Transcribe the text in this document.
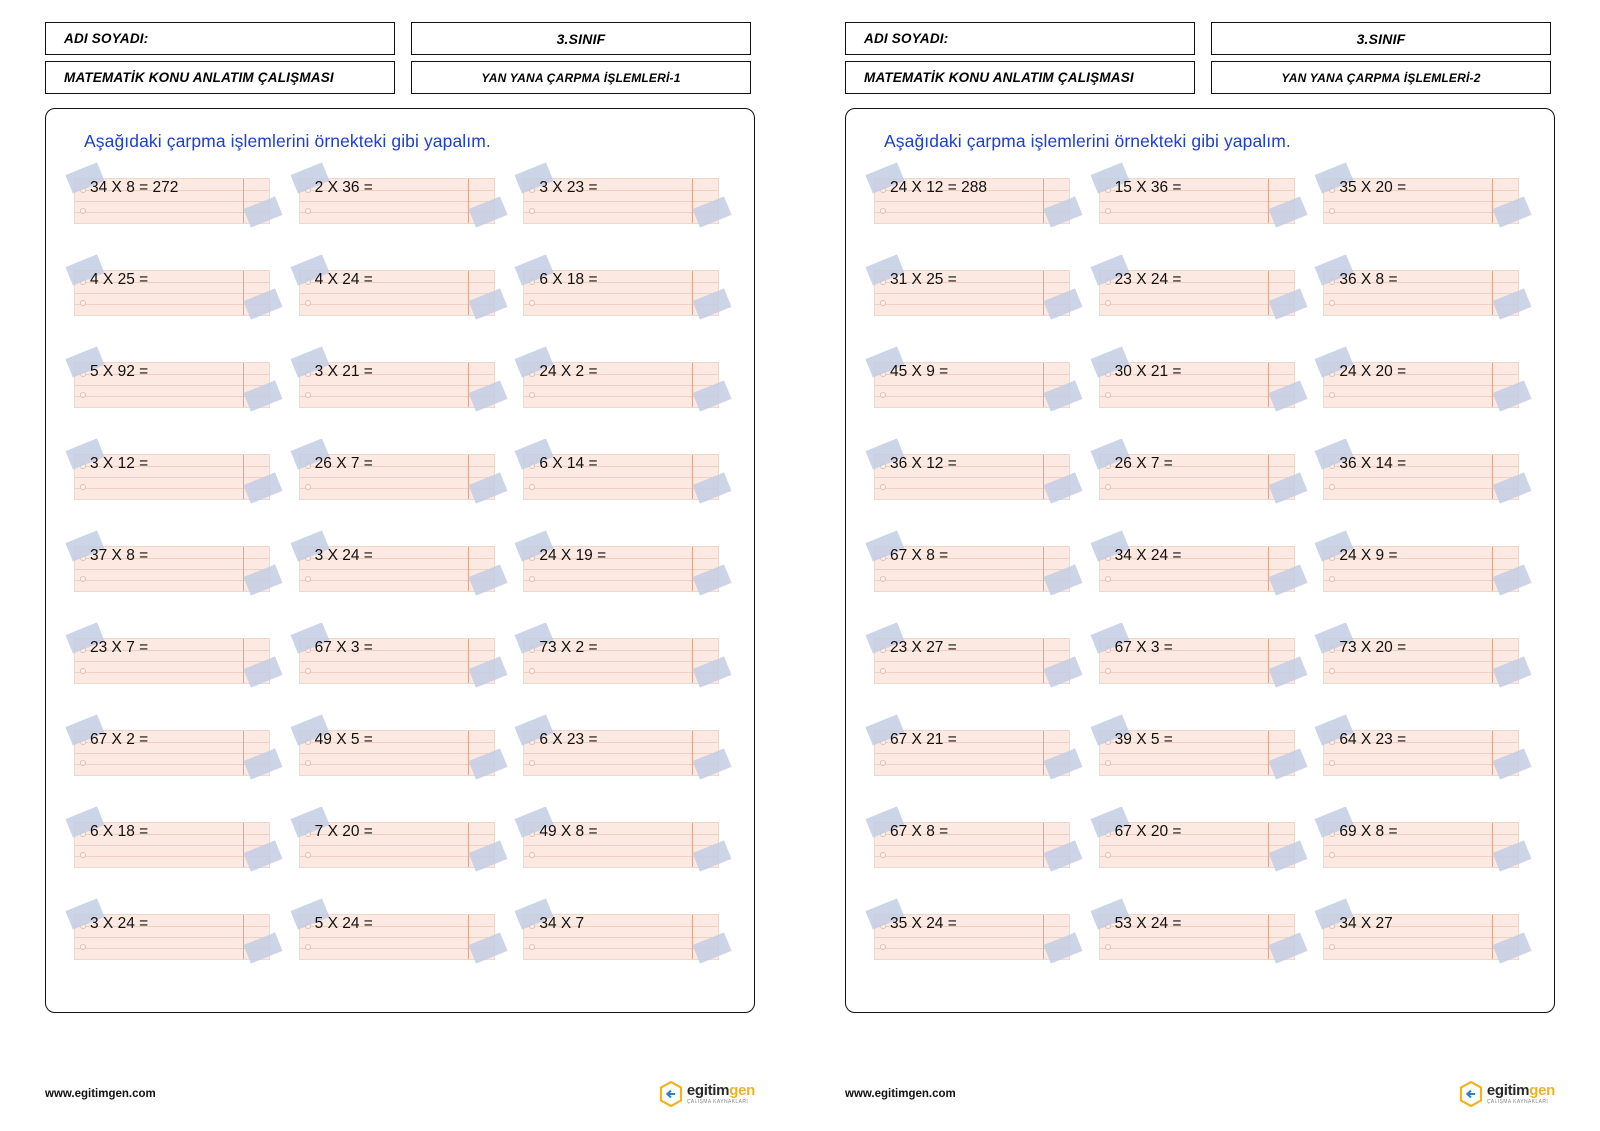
ADI SOYADI:	3.SINIF
MATEMATİK KONU ANLATIM ÇALIŞMASI	YAN YANA ÇARPMA İŞLEMLERİ-1
Aşağıdaki çarpma işlemlerini örnekteki gibi yapalım.
34 X 8 = 272	2 X 36 =	3 X 23 =
4 X 25 =	4 X 24 =	6 X 18 =
5 X 92 =	3 X 21 =	24 X 2 =
3 X 12 =	26 X 7 =	6 X 14 =
37 X 8 =	3 X 24 =	24 X 19 =
23 X 7 =	67 X 3 =	73 X 2 =
67 X 2 =	49 X 5 =	6 X 23 =
6 X 18 =	7 X 20 =	49 X 8 =
3 X 24 =	5 X 24 =	34 X 7
www.egitimgen.com	egitimgen
ÇALIŞMA KAYNAKLARI
ADI SOYADI:	3.SINIF
MATEMATİK KONU ANLATIM ÇALIŞMASI	YAN YANA ÇARPMA İŞLEMLERİ-2
Aşağıdaki çarpma işlemlerini örnekteki gibi yapalım.
24 X 12 = 288	15 X 36 =	35 X 20 =
31 X 25 =	23 X 24 =	36 X 8 =
45 X 9 =	30 X 21 =	24 X 20 =
36 X 12 =	26 X 7 =	36 X 14 =
67 X 8 =	34 X 24 =	24 X 9 =
23 X 27 =	67 X 3 =	73 X 20 =
67 X 21 =	39 X 5 =	64 X 23 =
67 X 8 =	67 X 20 =	69 X 8 =
35 X 24 =	53 X 24 =	34 X 27
www.egitimgen.com	egitimgen
ÇALIŞMA KAYNAKLARI
